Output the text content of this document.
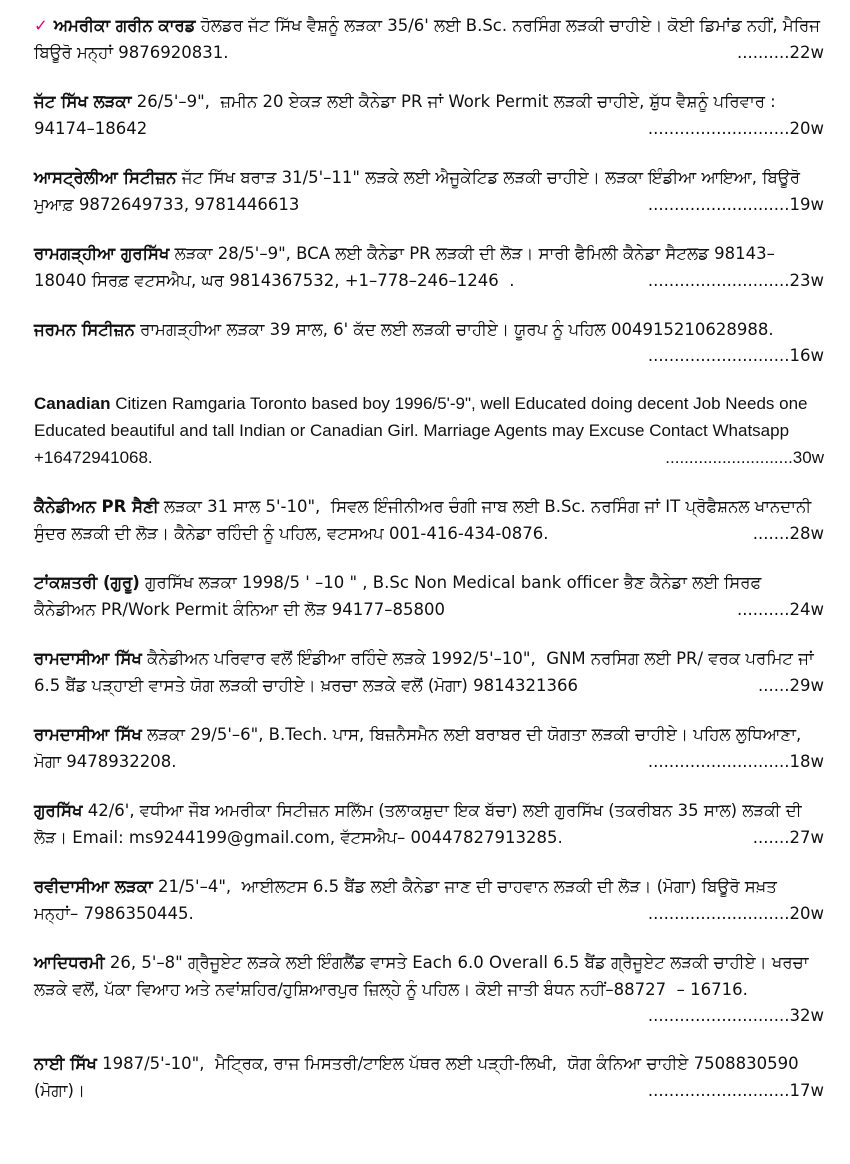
✓ ਅਮਰੀਕਾ ਗਰੀਨ ਕਾਰਡ ਹੋਲਡਰ ਜੱਟ ਸਿੱਖ ਵੈਸ਼ਨੂੰ ਲੜਕਾ 35/6' ਲਈ B.Sc. ਨਰਸਿੰਗ ਲੜਕੀ ਚਾਹੀਏ। ਕੋਈ ਡਿਮਾਂਡ ਨਹੀਂ, ਮੈਰਿਜ ਬਿਊਰੋ ਮਨ੍ਹਾਂ 9876920831.	..........22w
ਜੱਟ ਸਿੱਖ ਲੜਕਾ 26/5'–9",  ਜ਼ਮੀਨ 20 ਏਕੜ ਲਈ ਕੈਨੇਡਾ PR ਜਾਂ Work Permit ਲੜਕੀ ਚਾਹੀਏ, ਸ਼ੁੱਧ ਵੈਸ਼ਨੂੰ ਪਰਿਵਾਰ : 94174–18642	...........................20w
ਆਸਟ੍ਰੇਲੀਆ ਸਿਟੀਜ਼ਨ ਜੱਟ ਸਿੱਖ ਬਰਾੜ 31/5'–11" ਲੜਕੇ ਲਈ ਐਜੂਕੇਟਿਡ ਲੜਕੀ ਚਾਹੀਏ। ਲੜਕਾ ਇੰਡੀਆ ਆਇਆ, ਬਿਊਰੋ ਮੁਆਫ਼ 9872649733, 9781446613	...........................19w
ਰਾਮਗੜ੍ਹੀਆ ਗੁਰਸਿੱਖ ਲੜਕਾ 28/5'–9", BCA ਲਈ ਕੈਨੇਡਾ PR ਲੜਕੀ ਦੀ ਲੋੜ। ਸਾਰੀ ਫੈਮਿਲੀ ਕੈਨੇਡਾ ਸੈਟਲਡ 98143–18040 ਸਿਰਫ਼ ਵਟਸਐਪ, ਘਰ 9814367532, +1–778–246–1246  .	...........................23w
ਜਰਮਨ ਸਿਟੀਜ਼ਨ ਰਾਮਗੜ੍ਹੀਆ ਲੜਕਾ 39 ਸਾਲ, 6' ਕੱਦ ਲਈ ਲੜਕੀ ਚਾਹੀਏ। ਯੂਰਪ ਨੂੰ ਪਹਿਲ 004915210628988.
...........................16w
Canadian Citizen Ramgaria Toronto based boy 1996/5'-9", well Educated doing decent Job Needs one Educated beautiful and tall Indian or Canadian Girl. Marriage Agents may Excuse Contact Whatsapp +16472941068.	...........................30w
ਕੈਨੇਡੀਅਨ PR ਸੈਣੀ ਲੜਕਾ 31 ਸਾਲ 5'-10",  ਸਿਵਲ ਇੰਜੀਨੀਅਰ ਚੰਗੀ ਜਾਬ ਲਈ B.Sc. ਨਰਸਿੰਗ ਜਾਂ IT ਪ੍ਰੋਫੈਸ਼ਨਲ ਖਾਨਦਾਨੀ ਸੁੰਦਰ ਲੜਕੀ ਦੀ ਲੋੜ। ਕੈਨੇਡਾ ਰਹਿੰਦੀ ਨੂੰ ਪਹਿਲ, ਵਟਸਅਪ 001-416-434-0876.	.......28w
ਟਾਂਕਸ਼ਤਰੀ (ਗੁਰੂ) ਗੁਰਸਿੱਖ ਲੜਕਾ 1998/5 ' –10 " , B.Sc Non Medical bank officer ਭੈਣ ਕੈਨੇਡਾ ਲਈ ਸਿਰਫ ਕੈਨੇਡੀਅਨ PR/Work Permit ਕੰਨਿਆ ਦੀ ਲੋੜ 94177–85800	..........24w
ਰਾਮਦਾਸੀਆ ਸਿੱਖ ਕੈਨੇਡੀਅਨ ਪਰਿਵਾਰ ਵਲੋਂ ਇੰਡੀਆ ਰਹਿੰਦੇ ਲੜਕੇ 1992/5'–10",  GNM ਨਰਸਿਗ ਲਈ PR/ ਵਰਕ ਪਰਮਿਟ ਜਾਂ 6.5 ਬੈਂਡ ਪੜ੍ਹਾਈ ਵਾਸਤੇ ਯੋਗ ਲੜਕੀ ਚਾਹੀਏ। ਖ਼ਰਚਾ ਲੜਕੇ ਵਲੋਂ (ਮੋਗਾ) 9814321366	......29w
ਰਾਮਦਾਸੀਆ ਸਿੱਖ ਲੜਕਾ 29/5'–6", B.Tech. ਪਾਸ, ਬਿਜ਼ਨੈਸਮੈਨ ਲਈ ਬਰਾਬਰ ਦੀ ਯੋਗਤਾ ਲੜਕੀ ਚਾਹੀਏ। ਪਹਿਲ ਲੁਧਿਆਣਾ, ਮੋਗਾ 9478932208.	...........................18w
ਗੁਰਸਿੱਖ 42/6', ਵਧੀਆ ਜੌਬ ਅਮਰੀਕਾ ਸਿਟੀਜ਼ਨ ਸਲਿੱਮ (ਤਲਾਕਸ਼ੁਦਾ ਇਕ ਬੱਚਾ) ਲਈ ਗੁਰਸਿੱਖ (ਤਕਰੀਬਨ 35 ਸਾਲ) ਲੜਕੀ ਦੀ ਲੋੜ। Email: ms9244199@gmail.com, ਵੱਟਸਐਪ– 00447827913285.	.......27w
ਰਵੀਦਾਸੀਆ ਲੜਕਾ 21/5'–4",  ਆਈਲਟਸ 6.5 ਬੈਂਡ ਲਈ ਕੈਨੇਡਾ ਜਾਣ ਦੀ ਚਾਹਵਾਨ ਲੜਕੀ ਦੀ ਲੋੜ। (ਮੋਗਾ) ਬਿਊਰੋ ਸਖ਼ਤ ਮਨ੍ਹਾਂ– 7986350445.	...........................20w
ਆਦਿਧਰਮੀ 26, 5'–8" ਗ੍ਰੈਜੂਏਟ ਲੜਕੇ ਲਈ ਇੰਗਲੈਂਡ ਵਾਸਤੇ Each 6.0 Overall 6.5 ਬੈਂਡ ਗ੍ਰੈਜੂਏਟ ਲੜਕੀ ਚਾਹੀਏ। ਖਰਚਾ ਲੜਕੇ ਵਲੋਂ, ਪੱਕਾ ਵਿਆਹ ਅਤੇ ਨਵਾਂਸ਼ਹਿਰ/ਹੁਸ਼ਿਆਰਪੁਰ ਜ਼ਿਲ੍ਹੇ ਨੂੰ ਪਹਿਲ। ਕੋਈ ਜਾਤੀ ਬੰਧਨ ਨਹੀਂ–88727  – 16716.
...........................32w
ਨਾਈ ਸਿੱਖ 1987/5'-10",  ਮੈਟ੍ਰਿਕ, ਰਾਜ ਮਿਸਤਰੀ/ਟਾਇਲ ਪੱਥਰ ਲਈ ਪੜ੍ਹੀ-ਲਿਖੀ,  ਯੋਗ ਕੰਨਿਆ ਚਾਹੀਏ 7508830590 (ਮੋਗਾ)।	...........................17w
